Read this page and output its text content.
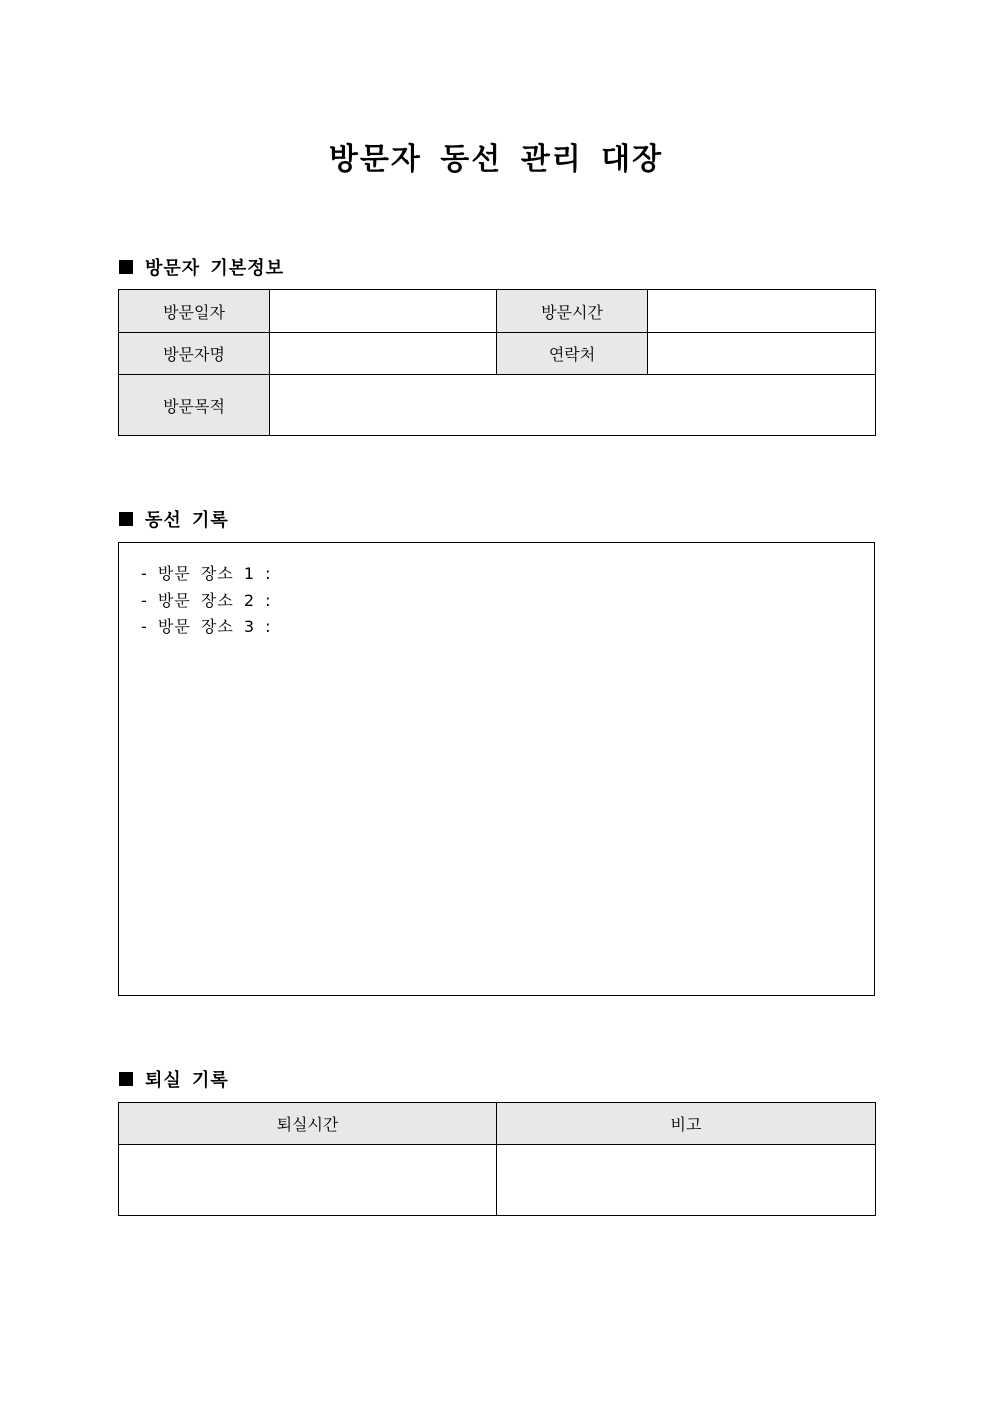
방문자 동선 관리 대장
방문자 기본정보
방문일자		방문시간	
방문자명		연락처	
방문목적			
동선 기록
- 방문 장소 1 :
- 방문 장소 2 :
- 방문 장소 3 :
퇴실 기록
퇴실시간	비고
